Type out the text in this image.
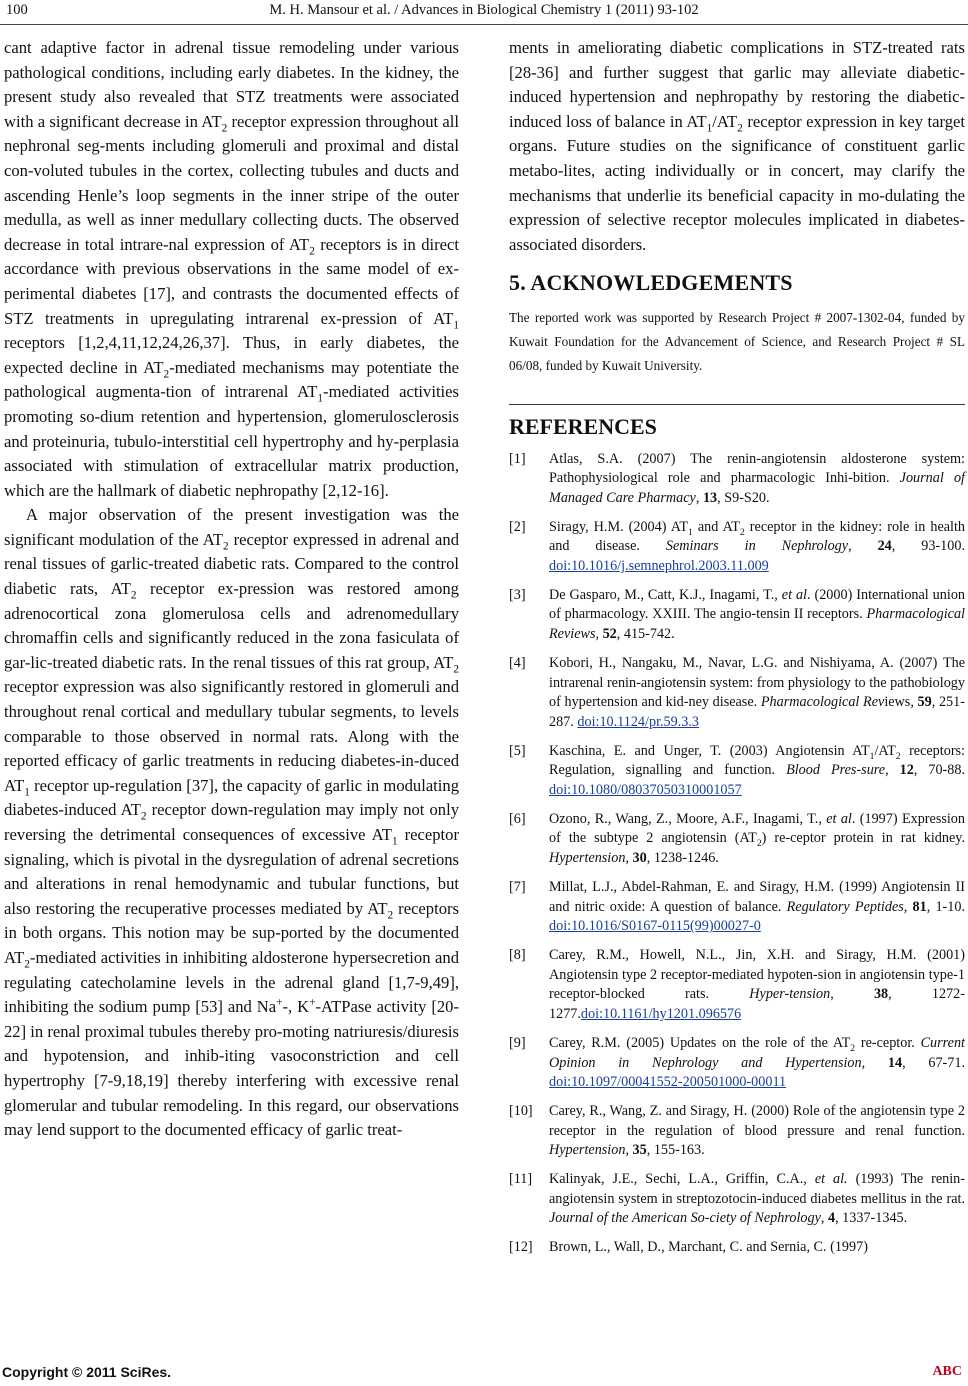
100	M. H. Mansour et al. / Advances in Biological Chemistry 1 (2011) 93-102

cant adaptive factor in adrenal tissue remodeling under various pathological conditions, including early diabetes. In the kidney, the present study also revealed that STZ treatments were associated with a significant decrease in $AT_2$ receptor expression throughout all nephronal seg-ments including glomeruli and proximal and distal con-voluted tubules in the cortex, collecting tubules and ducts and ascending Henle’s loop segments in the inner stripe of the outer medulla, as well as inner medullary collecting ducts. The observed decrease in total intrare-nal expression of $AT_2$ receptors is in direct accordance with previous observations in the same model of ex-perimental diabetes [17], and contrasts the documented effects of STZ treatments in upregulating intrarenal ex-pression of $AT_1$ receptors [1,2,4,11,12,24,26,37]. Thus, in early diabetes, the expected decline in $AT_2$-mediated mechanisms may potentiate the pathological augmenta-tion of intrarenal $AT_1$-mediated activities promoting so-dium retention and hypertension, glomerulosclerosis and proteinuria, tubulo-interstitial cell hypertrophy and hy-perplasia associated with stimulation of extracellular matrix production, which are the hallmark of diabetic nephropathy [2,12-16].

A major observation of the present investigation was the significant modulation of the $AT_2$ receptor expressed in adrenal and renal tissues of garlic-treated diabetic rats. Compared to the control diabetic rats, $AT_2$ receptor ex-pression was restored among adrenocortical zona glomerulosa cells and adrenomedullary chromaffin cells and significantly reduced in the zona fasiculata of gar-lic-treated diabetic rats. In the renal tissues of this rat group, $AT_2$ receptor expression was also significantly restored in glomeruli and throughout renal cortical and medullary tubular segments, to levels comparable to those observed in normal rats. Along with the reported efficacy of garlic treatments in reducing diabetes-in-duced $AT_1$ receptor up-regulation [37], the capacity of garlic in modulating diabetes-induced $AT_2$ receptor down-regulation may imply not only reversing the detrimental consequences of excessive $AT_1$ receptor signaling, which is pivotal in the dysregulation of adrenal secretions and alterations in renal hemodynamic and tubular functions, but also restoring the recuperative processes mediated by $AT_2$ receptors in both organs. This notion may be sup-ported by the documented $AT_2$-mediated activities in inhibiting aldosterone hypersecretion and regulating catecholamine levels in the adrenal gland [1,7-9,49], inhibiting the sodium pump [53] and Na+-, K+-ATPase activity [20-22] in renal proximal tubules thereby pro-moting natriuresis/diuresis and hypotension, and inhib-iting vasoconstriction and cell hypertrophy [7-9,18,19] thereby interfering with excessive renal glomerular and tubular remodeling. In this regard, our observations may lend support to the documented efficacy of garlic treat-

ments in ameliorating diabetic complications in STZ-treated rats [28-36] and further suggest that garlic may alleviate diabetic-induced hypertension and nephropathy by restoring the diabetic-induced loss of balance in $AT_1/AT_2$ receptor expression in key target organs. Future studies on the significance of constituent garlic metabo-lites, acting individually or in concert, may clarify the mechanisms that underlie its beneficial capacity in mo-dulating the expression of selective receptor molecules implicated in diabetes-associated disorders.

5. ACKNOWLEDGEMENTS

The reported work was supported by Research Project # 2007-1302-04, funded by Kuwait Foundation for the Advancement of Science, and Research Project # SL 06/08, funded by Kuwait University.

REFERENCES
[1] Atlas, S.A. (2007) The renin-angiotensin aldosterone system: Pathophysiological role and pharmacologic Inhi-bition. Journal of Managed Care Pharmacy, 13, S9-S20.
[2] Siragy, H.M. (2004) $AT_1$ and $AT_2$ receptor in the kidney: role in health and disease. Seminars in Nephrology, 24, 93-100. doi:10.1016/j.semnephrol.2003.11.009
[3] De Gasparo, M., Catt, K.J., Inagami, T., et al. (2000) International union of pharmacology. XXIII. The angio-tensin II receptors. Pharmacological Reviews, 52, 415-742.
[4] Kobori, H., Nangaku, M., Navar, L.G. and Nishiyama, A. (2007) The intrarenal renin-angiotensin system: from physiology to the pathobiology of hypertension and kid-ney disease. Pharmacological Reviews, 59, 251-287. doi:10.1124/pr.59.3.3
[5] Kaschina, E. and Unger, T. (2003) Angiotensin $AT_1/AT_2$ receptors: Regulation, signalling and function. Blood Pres-sure, 12, 70-88. doi:10.1080/08037050310001057
[6] Ozono, R., Wang, Z., Moore, A.F., Inagami, T., et al. (1997) Expression of the subtype 2 angiotensin $(AT_2)$ re-ceptor protein in rat kidney. Hypertension, 30, 1238-1246.
[7] Millat, L.J., Abdel-Rahman, E. and Siragy, H.M. (1999) Angiotensin II and nitric oxide: A question of balance. Regulatory Peptides, 81, 1-10. doi:10.1016/S0167-0115(99)00027-0
[8] Carey, R.M., Howell, N.L., Jin, X.H. and Siragy, H.M. (2001) Angiotensin type 2 receptor-mediated hypoten-sion in angiotensin type-1 receptor-blocked rats. Hyper-tension, 38, 1272-1277.doi:10.1161/hy1201.096576
[9] Carey, R.M. (2005) Updates on the role of the $AT_2$ re-ceptor. Current Opinion in Nephrology and Hypertension, 14, 67-71. doi:10.1097/00041552-200501000-00011
[10] Carey, R., Wang, Z. and Siragy, H. (2000) Role of the angiotensin type 2 receptor in the regulation of blood pressure and renal function. Hypertension, 35, 155-163.
[11] Kalinyak, J.E., Sechi, L.A., Griffin, C.A., et al. (1993) The renin-angiotensin system in streptozotocin-induced diabetes mellitus in the rat. Journal of the American So-ciety of Nephrology, 4, 1337-1345.
[12] Brown, L., Wall, D., Marchant, C. and Sernia, C. (1997)
Copyright © 2011 SciRes.	ABC
